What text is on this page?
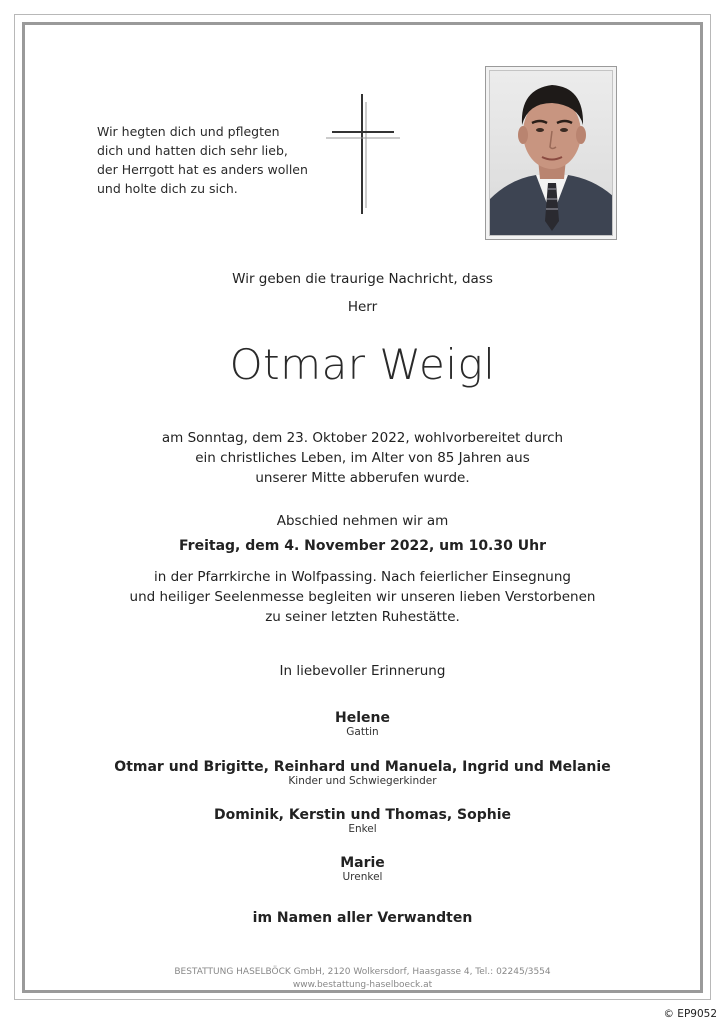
Wir hegten dich und pflegten
dich und hatten dich sehr lieb,
der Herrgott hat es anders wollen
und holte dich zu sich.
Wir geben die traurige Nachricht, dass
Herr
Otmar Weigl
am Sonntag, dem 23. Oktober 2022, wohlvorbereitet durch
ein christliches Leben, im Alter von 85 Jahren aus
unserer Mitte abberufen wurde.
Abschied nehmen wir am
Freitag, dem 4. November 2022, um 10.30 Uhr
in der Pfarrkirche in Wolfpassing. Nach feierlicher Einsegnung
und heiliger Seelenmesse begleiten wir unseren lieben Verstorbenen
zu seiner letzten Ruhestätte.
In liebevoller Erinnerung
Helene
Gattin
Otmar und Brigitte, Reinhard und Manuela, Ingrid und Melanie
Kinder und Schwiegerkinder
Dominik, Kerstin und Thomas, Sophie
Enkel
Marie
Urenkel
im Namen aller Verwandten
BESTATTUNG HASELBÖCK GmbH, 2120 Wolkersdorf, Haasgasse 4, Tel.: 02245/3554
www.bestattung-haselboeck.at
© EP9052
